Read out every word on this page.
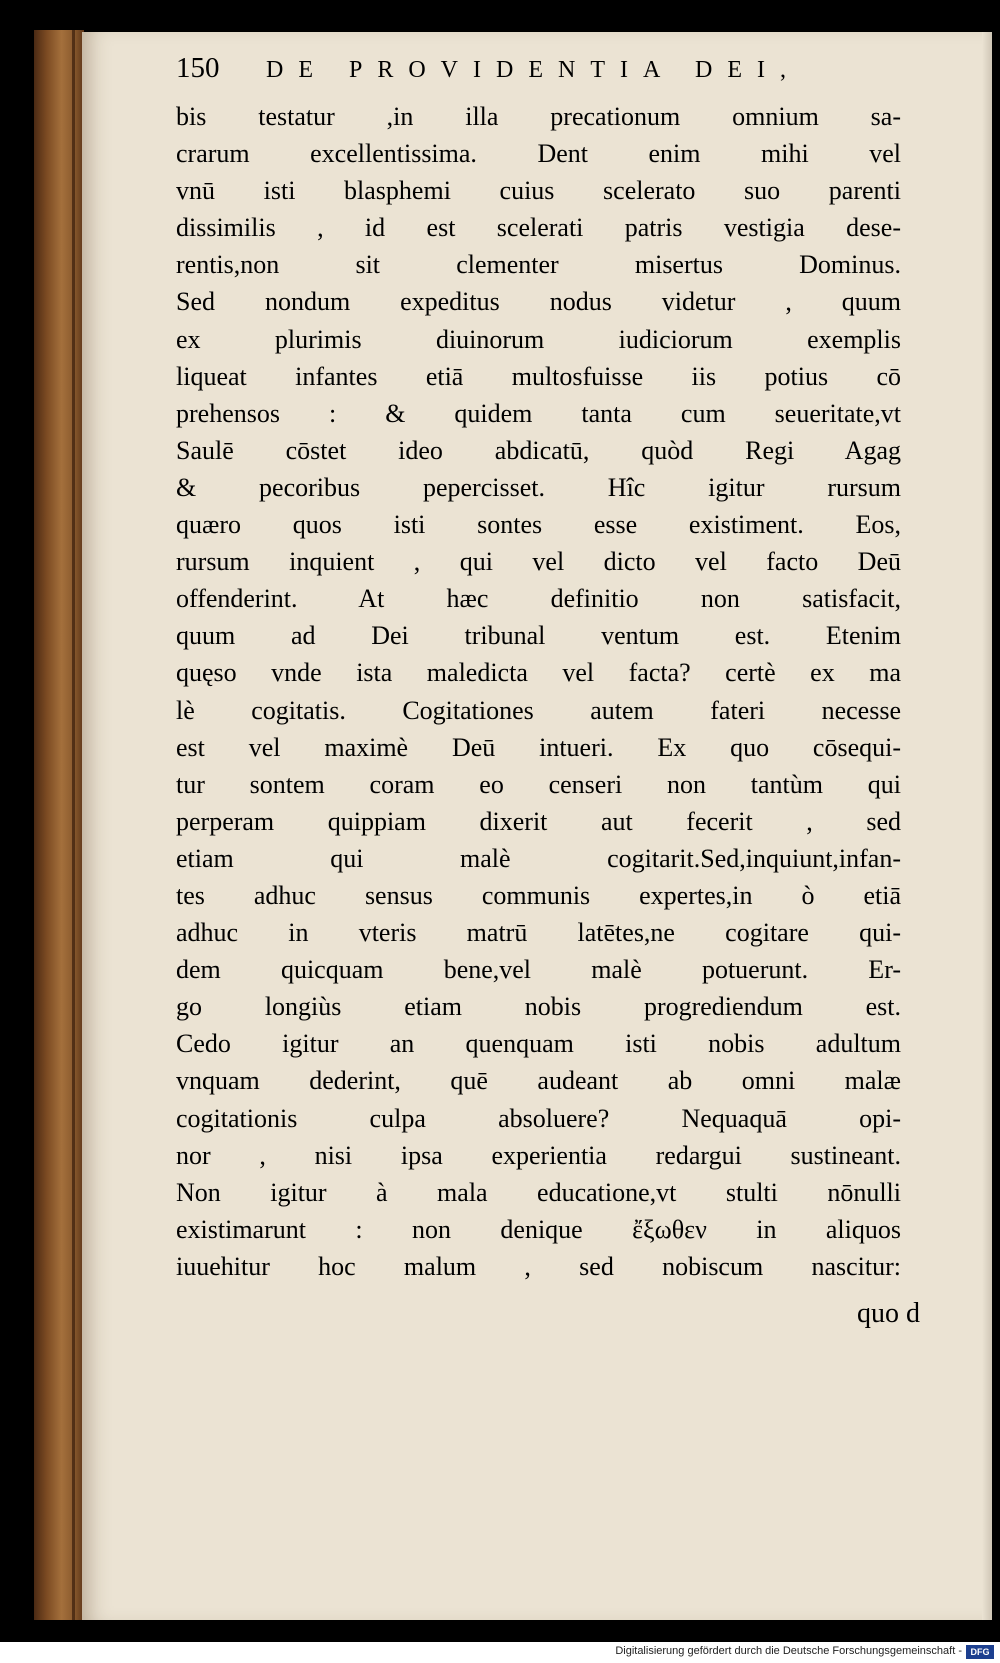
150	DE PROVIDENTIA DEI,
bis testatur ,in illa precationum omnium sa-
crarum excellentissima. Dent enim mihi vel
vnū isti blasphemi cuius scelerato suo parenti
dissimilis , id est scelerati patris vestigia dese-
rentis,non sit clementer misertus Dominus.
Sed nondum expeditus nodus videtur , quum
ex plurimis diuinorum iudiciorum exemplis
liqueat infantes etiā multosfuisse iis potius cō
prehensos : & quidem tanta cum seueritate,vt
Saulē cōstet ideo abdicatū, quòd Regi Agag
& pecoribus pepercisset. Hîc igitur rursum
quæro quos isti sontes esse existiment. Eos,
rursum inquient , qui vel dicto vel facto Deū
offenderint. At hæc definitio non satisfacit,
quum ad Dei tribunal ventum est. Etenim
quęso vnde ista maledicta vel facta? certè ex ma
lè cogitatis. Cogitationes autem fateri necesse
est vel maximè Deū intueri. Ex quo cōsequi-
tur sontem coram eo censeri non tantùm qui
perperam quippiam dixerit aut fecerit , sed
etiam qui malè cogitarit.Sed,inquiunt,infan-
tes adhuc sensus communis expertes,in ò etiā
adhuc in vteris matrū latētes,ne cogitare qui-
dem quicquam bene,vel malè potuerunt. Er-
go longiùs etiam nobis progrediendum est.
Cedo igitur an quenquam isti nobis adultum
vnquam dederint, quē audeant ab omni malæ
cogitationis culpa absoluere? Nequaquā opi-
nor , nisi ipsa experientia redargui sustineant.
Non igitur à mala educatione,vt stulti nōnulli
existimarunt : non denique ἔξωθεν in aliquos
iuuehitur hoc malum , sed nobiscum nascitur:
quo d
Digitalisierung gefördert durch die Deutsche Forschungsgemeinschaft - DFG
